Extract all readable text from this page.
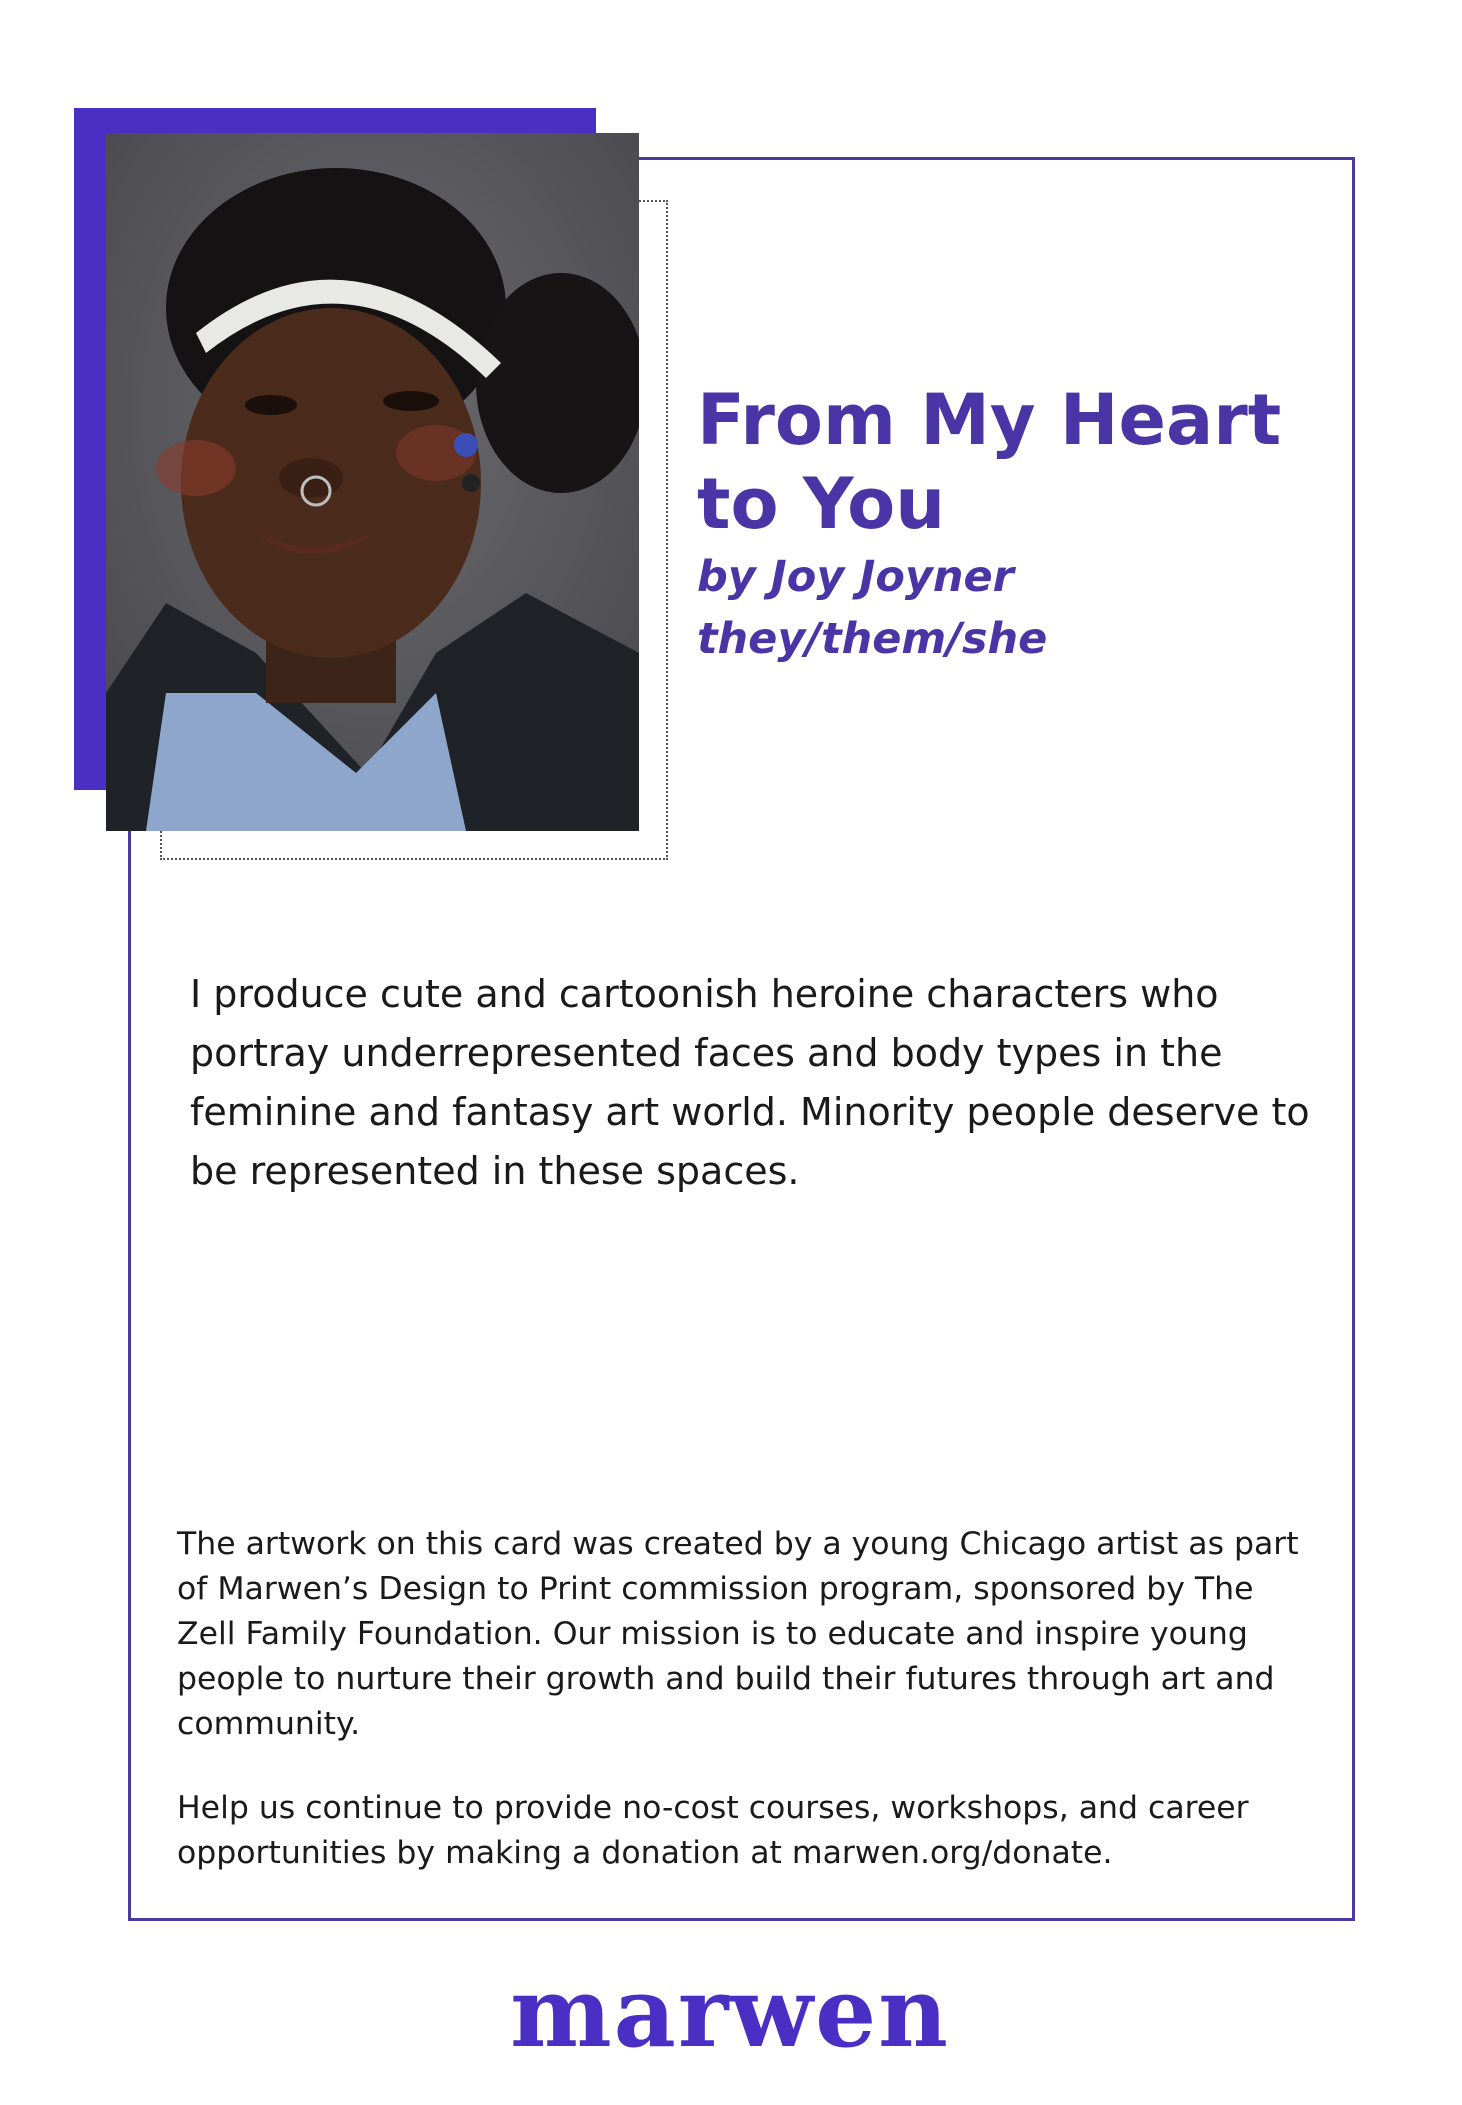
From My Heart to You
by Joy Joyner
they/them/she

I produce cute and cartoonish heroine characters who portray underrepresented faces and body types in the feminine and fantasy art world. Minority people deserve to be represented in these spaces.

The artwork on this card was created by a young Chicago artist as part of Marwen’s Design to Print commission program, sponsored by The Zell Family Foundation. Our mission is to educate and inspire young people to nurture their growth and build their futures through art and community.

Help us continue to provide no-cost courses, workshops, and career opportunities by making a donation at marwen.org/donate.

marwen
